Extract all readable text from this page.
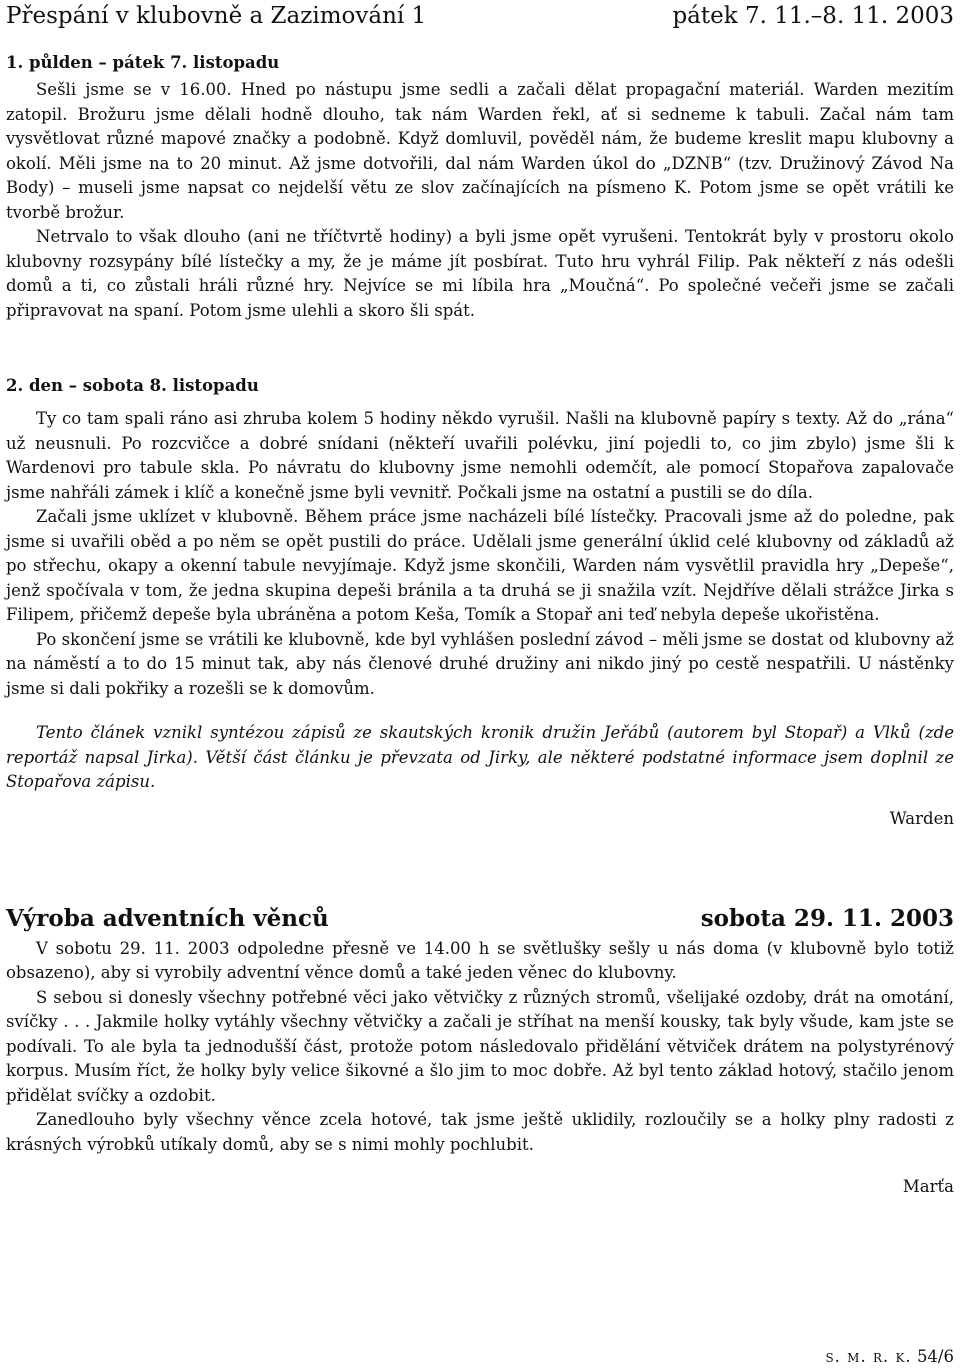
Přespání v klubovně a Zazimování 1	pátek 7. 11.–8. 11. 2003
1. půlden – pátek 7. listopadu

Sešli jsme se v 16.00. Hned po nástupu jsme sedli a začali dělat propagační materiál. Warden mezitím zatopil. Brožuru jsme dělali hodně dlouho, tak nám Warden řekl, ať si sedneme k tabuli. Začal nám tam vysvětlovat různé mapové značky a podobně. Když domluvil, pověděl nám, že budeme kreslit mapu klubovny a okolí. Měli jsme na to 20 minut. Až jsme dotvořili, dal nám Warden úkol do „DZNB“ (tzv. Družinový Závod Na Body) – museli jsme napsat co nejdelší větu ze slov začínajících na písmeno K. Potom jsme se opět vrátili ke tvorbě brožur.

Netrvalo to však dlouho (ani ne tříčtvrtě hodiny) a byli jsme opět vyrušeni. Tentokrát byly v prostoru okolo klubovny rozsypány bílé lístečky a my, že je máme jít posbírat. Tuto hru vyhrál Filip. Pak někteří z nás odešli domů a ti, co zůstali hráli různé hry. Nejvíce se mi líbila hra „Moučná“. Po společné večeři jsme se začali připravovat na spaní. Potom jsme ulehli a skoro šli spát.

2. den – sobota 8. listopadu

Ty co tam spali ráno asi zhruba kolem 5 hodiny někdo vyrušil. Našli na klubovně papíry s texty. Až do „rána“ už neusnuli. Po rozcvičce a dobré snídani (někteří uvařili polévku, jiní pojedli to, co jim zbylo) jsme šli k Wardenovi pro tabule skla. Po návratu do klubovny jsme nemohli odemčít, ale pomocí Stopařova zapalovače jsme nahřáli zámek i klíč a konečně jsme byli vevnitř. Počkali jsme na ostatní a pustili se do díla.

Začali jsme uklízet v klubovně. Během práce jsme nacházeli bílé lístečky. Pracovali jsme až do poledne, pak jsme si uvařili oběd a po něm se opět pustili do práce. Udělali jsme generální úklid celé klubovny od základů až po střechu, okapy a okenní tabule nevyjímaje. Když jsme skončili, Warden nám vysvětlil pravidla hry „Depeše“, jenž spočívala v tom, že jedna skupina depeši bránila a ta druhá se ji snažila vzít. Nejdříve dělali strážce Jirka s Filipem, přičemž depeše byla ubráněna a potom Keša, Tomík a Stopař ani teď nebyla depeše ukořistěna.

Po skončení jsme se vrátili ke klubovně, kde byl vyhlášen poslední závod – měli jsme se dostat od klubovny až na náměstí a to do 15 minut tak, aby nás členové druhé družiny ani nikdo jiný po cestě nespatřili. U nástěnky jsme si dali pokřiky a rozešli se k domovům.

Tento článek vznikl syntézou zápisů ze skautských kronik družin Jeřábů (autorem byl Stopař) a Vlků (zde reportáž napsal Jirka). Větší část článku je převzata od Jirky, ale některé podstatné informace jsem doplnil ze Stopařova zápisu.

Warden
Výroba adventních věnců	sobota 29. 11. 2003

V sobotu 29. 11. 2003 odpoledne přesně ve 14.00 h se světlušky sešly u nás doma (v klubovně bylo totiž obsazeno), aby si vyrobily adventní věnce domů a také jeden věnec do klubovny.

S sebou si donesly všechny potřebné věci jako větvičky z různých stromů, všelijaké ozdoby, drát na omotání, svíčky . . . Jakmile holky vytáhly všechny větvičky a začali je stříhat na menší kousky, tak byly všude, kam jste se podívali. To ale byla ta jednodušší část, protože potom následovalo přidělání větviček drátem na polystyrénový korpus. Musím říct, že holky byly velice šikovné a šlo jim to moc dobře. Až byl tento základ hotový, stačilo jenom přidělat svíčky a ozdobit.

Zanedlouho byly všechny věnce zcela hotové, tak jsme ještě uklidily, rozloučily se a holky plny radosti z krásných výrobků utíkaly domů, aby se s nimi mohly pochlubit.

Marťa
s. m. r. k. 54/6
